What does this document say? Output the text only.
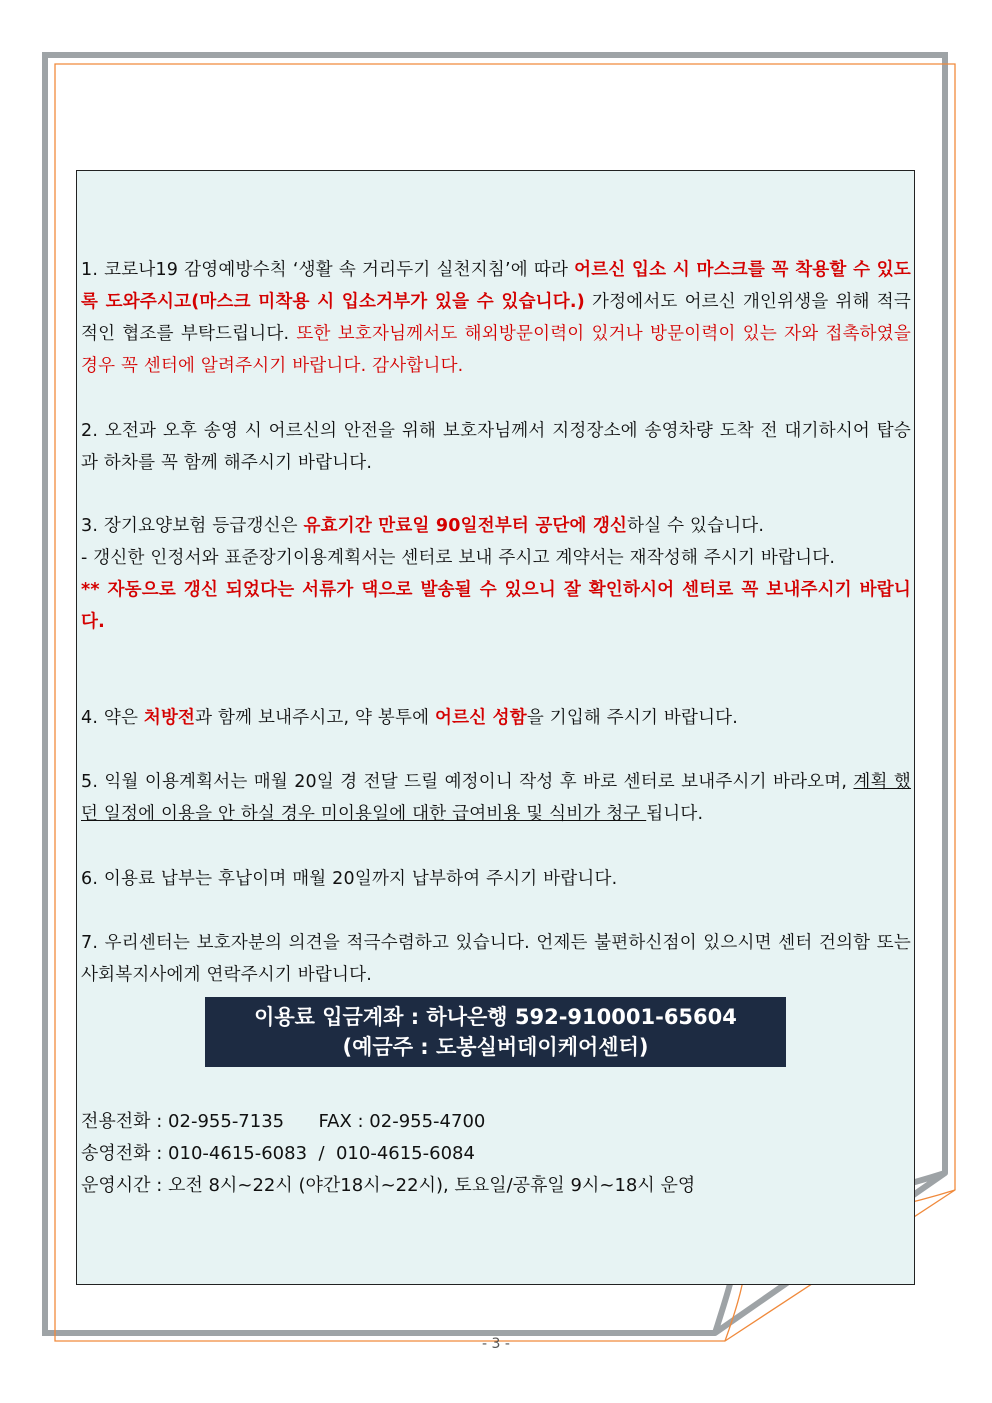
1. 코로나19 감영예방수칙 ‘생활 속 거리두기 실천지침’에 따라 어르신 입소 시 마스크를 꼭 착용할 수 있도록 도와주시고(마스크 미착용 시 입소거부가 있을 수 있습니다.) 가정에서도 어르신 개인위생을 위해 적극적인 협조를 부탁드립니다. 또한 보호자님께서도 해외방문이력이 있거나 방문이력이 있는 자와 접촉하였을 경우 꼭 센터에 알려주시기 바랍니다. 감사합니다.

2. 오전과 오후 송영 시 어르신의 안전을 위해 보호자님께서 지정장소에 송영차량 도착 전 대기하시어 탑승과 하차를 꼭 함께 해주시기 바랍니다.

3. 장기요양보험 등급갱신은 유효기간 만료일 90일전부터 공단에 갱신하실 수 있습니다.
- 갱신한 인정서와 표준장기이용계획서는 센터로 보내 주시고 계약서는 재작성해 주시기 바랍니다.
** 자동으로 갱신 되었다는 서류가 댁으로 발송될 수 있으니 잘 확인하시어 센터로 꼭 보내주시기 바랍니다.

4. 약은 처방전과 함께 보내주시고, 약 봉투에 어르신 성함을 기입해 주시기 바랍니다.

5. 익월 이용계획서는 매월 20일 경 전달 드릴 예정이니 작성 후 바로 센터로 보내주시기 바라오며, 계획 했던 일정에 이용을 안 하실 경우 미이용일에 대한 급여비용 및 식비가 청구 됩니다.

6. 이용료 납부는 후납이며 매월 20일까지 납부하여 주시기 바랍니다.

7. 우리센터는 보호자분의 의견을 적극수렴하고 있습니다. 언제든 불편하신점이 있으시면 센터 건의함 또는 사회복지사에게 연락주시기 바랍니다.

이용료 입금계좌 : 하나은행 592-910001-65604
(예금주 : 도봉실버데이케어센터)
전용전화 : 02-955-7135      FAX : 02-955-4700
송영전화 : 010-4615-6083  /  010-4615-6084
운영시간 : 오전 8시~22시 (야간18시~22시), 토요일/공휴일 9시~18시 운영
- 3 -
